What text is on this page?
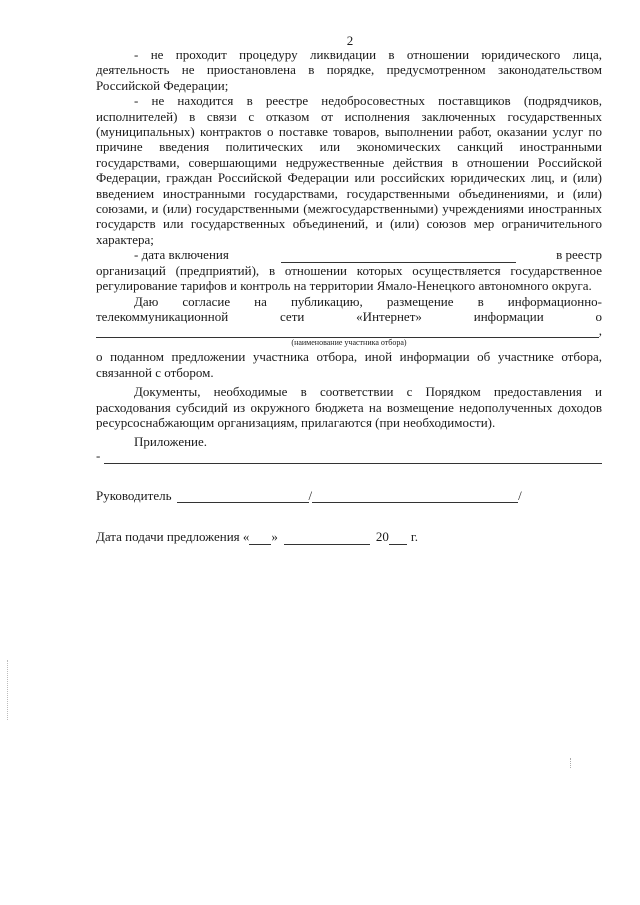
2

- не проходит процедуру ликвидации в отношении юридического лица, деятельность не приостановлена в порядке, предусмотренном законодательством Российской Федерации;

- не находится в реестре недобросовестных поставщиков (подрядчиков, исполнителей) в связи с отказом от исполнения заключенных государственных (муниципальных) контрактов о поставке товаров, выполнении работ, оказании услуг по причине введения политических или экономических санкций иностранными государствами, совершающими недружественные действия в отношении Российской Федерации, граждан Российской Федерации или российских юридических лиц, и (или) введением иностранными государствами, государственными объединениями, и (или) союзами, и (или) государственными (межгосударственными) учреждениями иностранных государств или государственных объединений, и (или) союзов мер ограничительного характера;

- дата включения	в реестр

организаций (предприятий), в отношении которых осуществляется государственное регулирование тарифов и контроль на территории Ямало-Ненецкого автономного округа.

Даю согласие на публикацию, размещение в информационно-телекоммуникационной сети «Интернет» информации о

,
(наименование участника отбора)

о поданном предложении участника отбора, иной информации об участнике отбора, связанной с отбором.

Документы, необходимые в соответствии с Порядком предоставления и расходования субсидий из окружного бюджета на возмещение недополученных доходов ресурсоснабжающим организациям, прилагаются (при необходимости).

Приложение.

-
Руководитель	/	/
Дата подачи предложения « »	20 г.
